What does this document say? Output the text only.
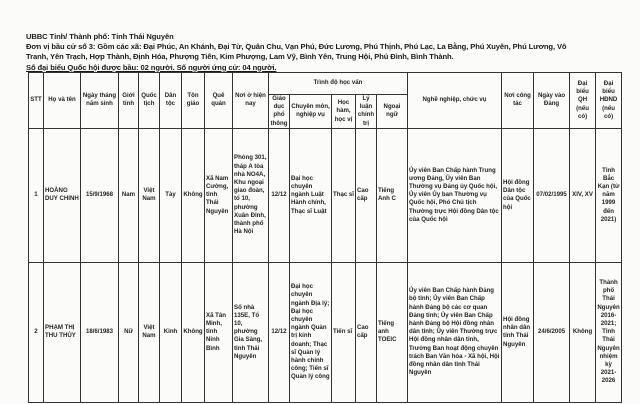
UBBC Tỉnh/ Thành phố: Tỉnh Thái Nguyên
Đơn vị bầu cử số 3: Gồm các xã: Đại Phúc, An Khánh, Đại Từ, Quân Chu, Vạn Phú, Đức Lương, Phú Thịnh, Phú Lạc, La Bằng, Phú Xuyên, Phú Lương, Vô
Tranh, Yên Trạch, Hợp Thành, Định Hóa, Phượng Tiến, Kim Phượng, Lam Vỹ, Bình Yên, Trung Hội, Phú Đình, Bình Thành.
Số đại biểu Quốc hội được bầu: 02 người. Số người ứng cử: 04 người.
STT	Họ và tên	Ngày tháng năm sinh	Giới tính	Quốc tịch	Dân tộc	Tôn giáo	Quê quán	Nơi ở hiện nay	Trình độ học vấn					Nghề nghiệp, chức vụ	Nơi công tác	Ngày vào Đảng	Đại biểu QH (nếu có)	Đại biểu HĐND (nếu có)
									Giáo dục phổ thông	Chuyên môn, nghiệp vụ	Học hàm, học vị	Lý luận chính trị	Ngoại ngữ					
1	HOÀNG DUY CHINH	15/9/1968	Nam	Việt Nam	Tày	Không	Xã Nam Cường, tỉnh Thái Nguyên	Phòng 301, tháp A tòa nhà NO4A, Khu ngoại giao đoàn, tổ 10, phường Xuân Đỉnh, thành phố Hà Nội	12/12	Đại học chuyên ngành Luật Hành chính, Thạc sĩ Luật	Thạc sĩ	Cao cấp	Tiếng Anh C	Ủy viên Ban Chấp hành Trung ương Đảng, Ủy viên Ban Thường vụ Đảng ủy Quốc hội, Ủy viên Ủy ban Thường vụ Quốc hội, Phó Chủ tịch Thường trực Hội đồng Dân tộc của Quốc hội	Hội đồng Dân tộc của Quốc hội	07/02/1995	XIV, XV	Tỉnh Bắc Kạn (từ năm 1999 đến 2021)
2	PHẠM THỊ THU THỦY	18/6/1983	Nữ	Việt Nam	Kinh	Không	Xã Tân Minh, tỉnh Ninh Bình	Số nhà 135E, Tổ 10, phường Gia Sàng, tỉnh Thái Nguyên	12/12	Đại học chuyên ngành Địa lý; Đại học chuyên ngành Quản trị kinh doanh; Thạc sĩ Quản lý hành chính công; Tiến sĩ Quản lý công	Tiến sĩ	Cao cấp	Tiếng anh TOEIC	Ủy viên Ban Chấp hành Đảng bộ tỉnh; Ủy viên Ban Chấp hành Đảng bộ các cơ quan Đảng tỉnh; Ủy viên Ban Chấp hành Đảng bộ Hội đồng nhân dân tỉnh; Ủy viên Thường trực Hội đồng nhân dân tỉnh, Trưởng Ban hoạt động chuyên trách Ban Văn hóa - Xã hội, Hội đồng nhân dân tỉnh Thái Nguyên	Hội đồng nhân dân tỉnh Thái Nguyên	24/6/2005	Không	Thành phố Thái Nguyên 2016-2021; Tỉnh Thái Nguyên nhiệm kỳ 2021-2026
